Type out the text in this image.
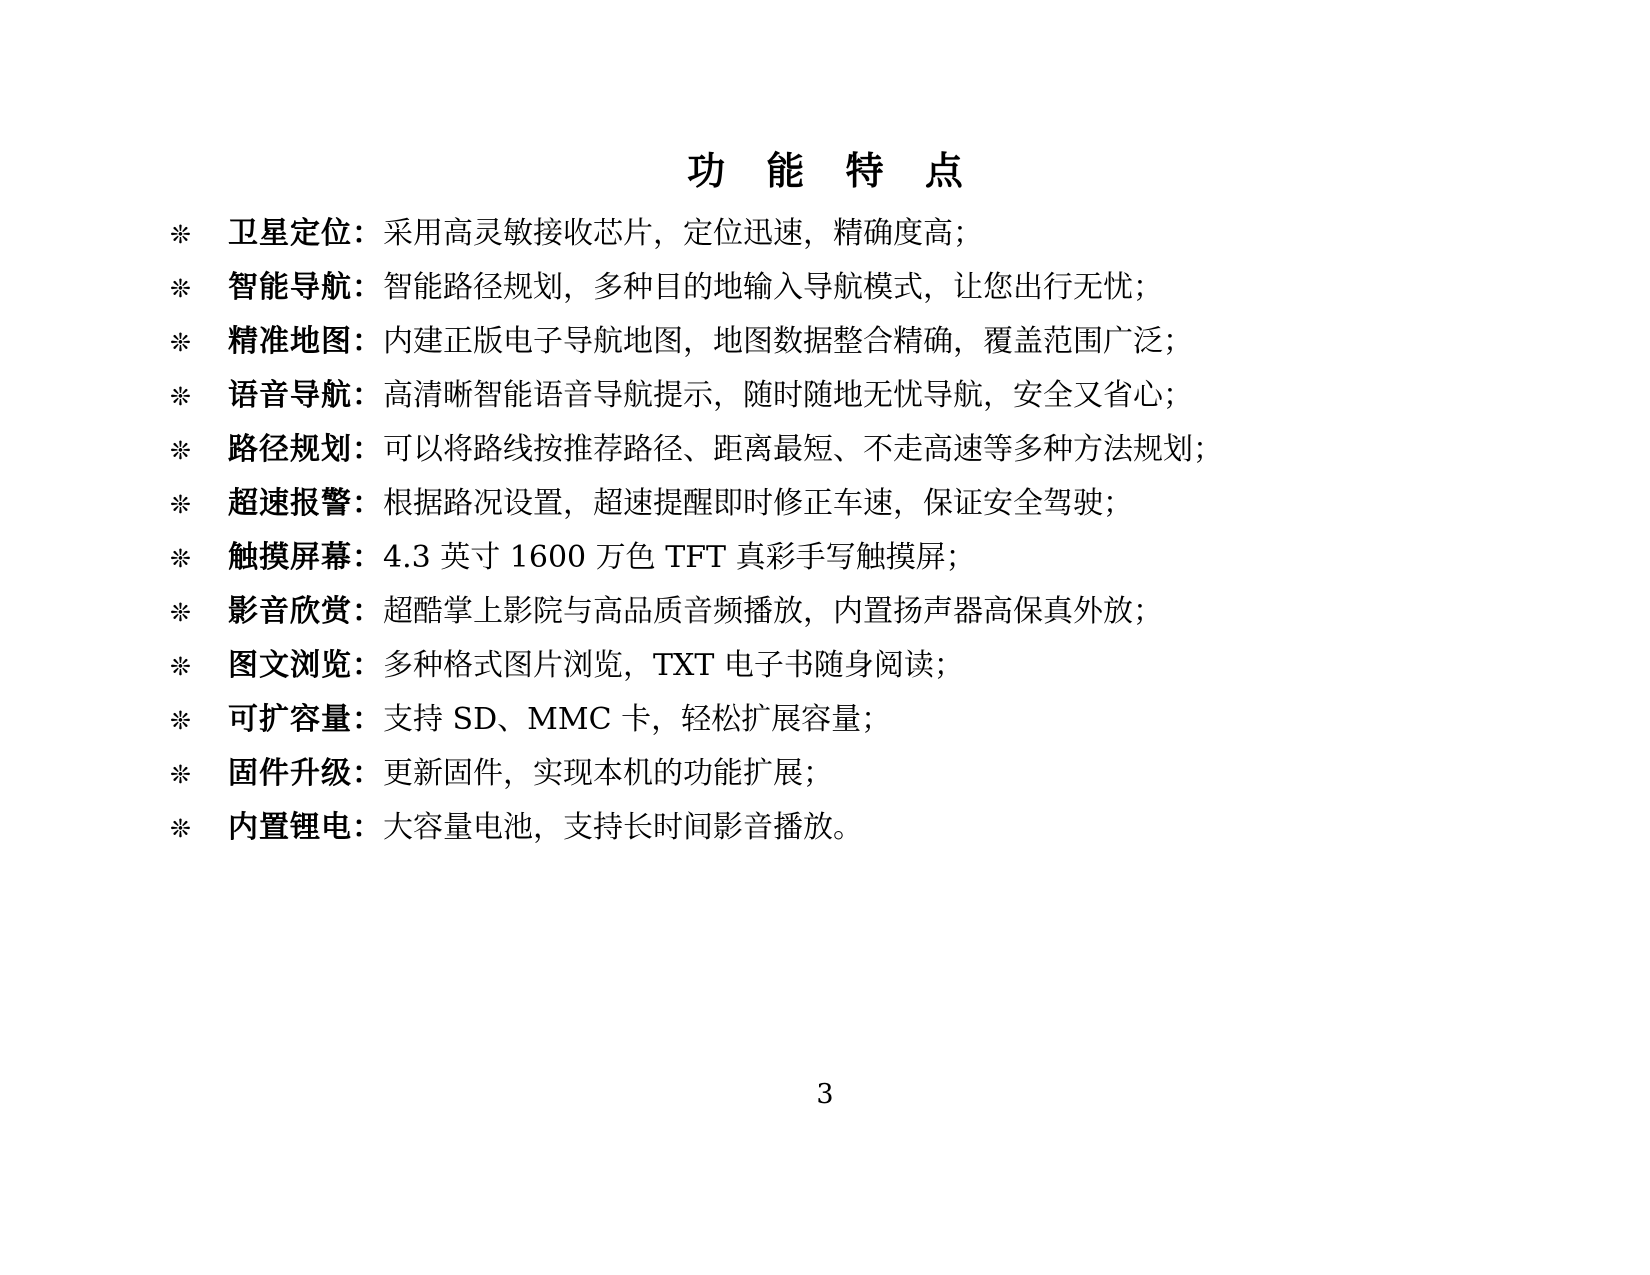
功 能 特 点
❊	卫星定位： 采用高灵敏接收芯片，定位迅速，精确度高；
❊	智能导航： 智能路径规划，多种目的地输入导航模式，让您出行无忧；
❊	精准地图： 内建正版电子导航地图，地图数据整合精确，覆盖范围广泛；
❊	语音导航： 高清晰智能语音导航提示，随时随地无忧导航，安全又省心；
❊	路径规划： 可以将路线按推荐路径、距离最短、不走高速等多种方法规划；
❊	超速报警： 根据路况设置，超速提醒即时修正车速，保证安全驾驶；
❊	触摸屏幕： 4.3 英寸 1600 万色 TFT 真彩手写触摸屏；
❊	影音欣赏： 超酷掌上影院与高品质音频播放，内置扬声器高保真外放；
❊	图文浏览： 多种格式图片浏览，TXT 电子书随身阅读；
❊	可扩容量： 支持 SD、MMC 卡，轻松扩展容量；
❊	固件升级： 更新固件，实现本机的功能扩展；
❊	内置锂电： 大容量电池，支持长时间影音播放。
3
